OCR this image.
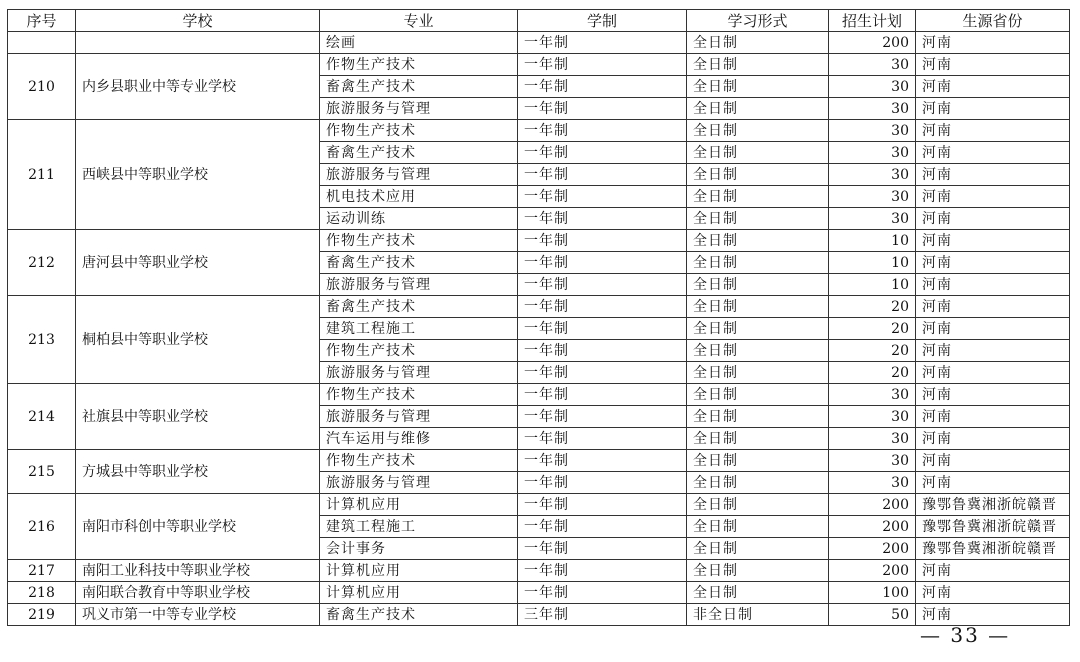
序号	学校	专业	学制	学习形式	招生计划	生源省份
		绘画	一年制	全日制	200	河南
210	内乡县职业中等专业学校	作物生产技术	一年制	全日制	30	河南
		畜禽生产技术	一年制	全日制	30	河南
		旅游服务与管理	一年制	全日制	30	河南
211	西峡县中等职业学校	作物生产技术	一年制	全日制	30	河南
		畜禽生产技术	一年制	全日制	30	河南
		旅游服务与管理	一年制	全日制	30	河南
		机电技术应用	一年制	全日制	30	河南
		运动训练	一年制	全日制	30	河南
212	唐河县中等职业学校	作物生产技术	一年制	全日制	10	河南
		畜禽生产技术	一年制	全日制	10	河南
		旅游服务与管理	一年制	全日制	10	河南
213	桐柏县中等职业学校	畜禽生产技术	一年制	全日制	20	河南
		建筑工程施工	一年制	全日制	20	河南
		作物生产技术	一年制	全日制	20	河南
		旅游服务与管理	一年制	全日制	20	河南
214	社旗县中等职业学校	作物生产技术	一年制	全日制	30	河南
		旅游服务与管理	一年制	全日制	30	河南
		汽车运用与维修	一年制	全日制	30	河南
215	方城县中等职业学校	作物生产技术	一年制	全日制	30	河南
		旅游服务与管理	一年制	全日制	30	河南
216	南阳市科创中等职业学校	计算机应用	一年制	全日制	200	豫鄂鲁冀湘浙皖赣晋
		建筑工程施工	一年制	全日制	200	豫鄂鲁冀湘浙皖赣晋
		会计事务	一年制	全日制	200	豫鄂鲁冀湘浙皖赣晋
217	南阳工业科技中等职业学校	计算机应用	一年制	全日制	200	河南
218	南阳联合教育中等职业学校	计算机应用	一年制	全日制	100	河南
219	巩义市第一中等专业学校	畜禽生产技术	三年制	非全日制	50	河南
— 33 —
